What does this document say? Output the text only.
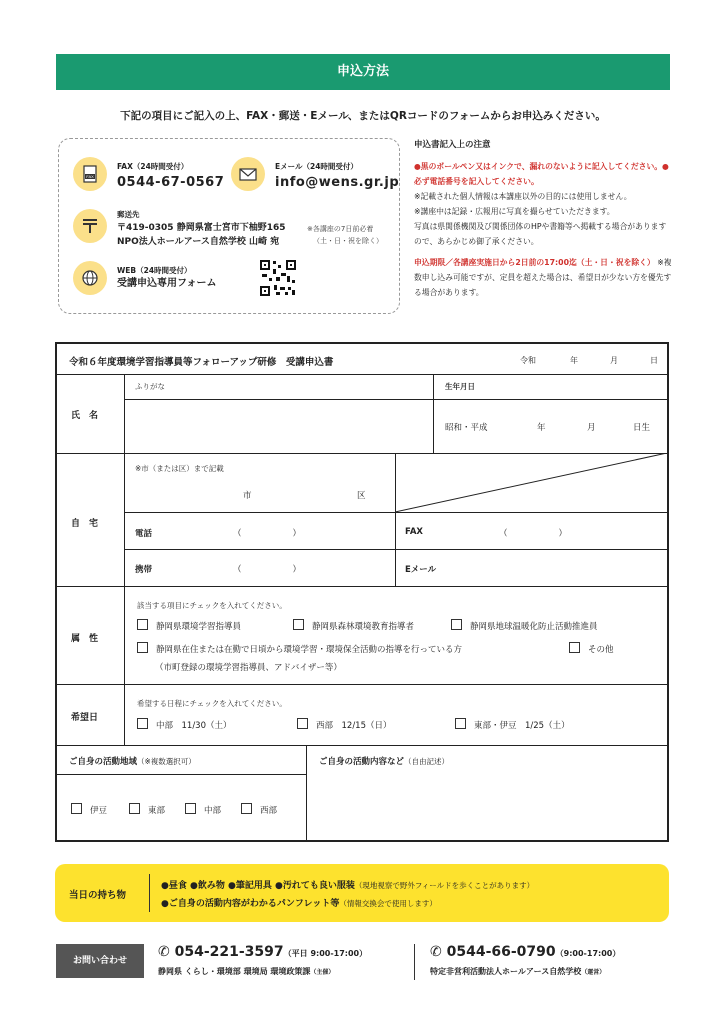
申込方法
下記の項目にご記入の上、FAX・郵送・Eメール、またはQRコードのフォームからお申込みください。
FAX
FAX（24時間受付）
0544-67-0567
Eメール（24時間受付）
info@wens.gr.jp
郵送先
〒419-0305 静岡県富士宮市下柚野165
NPO法人ホールアース自然学校 山崎 宛
※各講座の7日前必着
（土・日・祝を除く）
WEB（24時間受付）
受講申込専用フォーム
申込書記入上の注意
●黒のボールペン又はインクで、漏れのないように記入してください。●必ず電話番号を記入してください。
※記載された個人情報は本講座以外の目的には使用しません。
※講座中は記録・広報用に写真を撮らせていただきます。
写真は県関係機関及び関係団体のHPや書籍等へ掲載する場合がありますので、あらかじめ御了承ください。
申込期限／各講座実施日から2日前の17:00迄（土・日・祝を除く） ※複数申し込み可能ですが、定員を超えた場合は、希望日が少ない方を優先する場合があります。
令和６年度環境学習指導員等フォローアップ研修　受講申込書	令和	年	月	日
氏　名
ふりがな	生年月日
昭和・平成	年	月	日生
自　宅
※市（または区）まで記載
市	区
電話	（　　　　　　）	FAX	（　　　　　　）
携帯	（　　　　　　）	Eメール
属　性
該当する項目にチェックを入れてください。
静岡県環境学習指導員	静岡県森林環境教育指導者	静岡県地球温暖化防止活動推進員
静岡県在住または在勤で日頃から環境学習・環境保全活動の指導を行っている方	その他
（市町登録の環境学習指導員、アドバイザー等）
希望日
希望する日程にチェックを入れてください。
中部　11/30（土）	西部　12/15（日）	東部・伊豆　1/25（土）
ご自身の活動地域（※複数選択可）	ご自身の活動内容など（自由記述）
伊豆	東部	中部	西部
当日の持ち物
●昼食 ●飲み物 ●筆記用具 ●汚れても良い服装（現地視察で野外フィールドを歩くことがあります）
●ご自身の活動内容がわかるパンフレット等（情報交換会で使用します）
お問い合わせ
✆ 054-221-3597（平日 9:00-17:00）
静岡県 くらし・環境部 環境局 環境政策課（主催）
✆ 0544-66-0790（9:00-17:00）
特定非営利活動法人ホールアース自然学校（運営）
